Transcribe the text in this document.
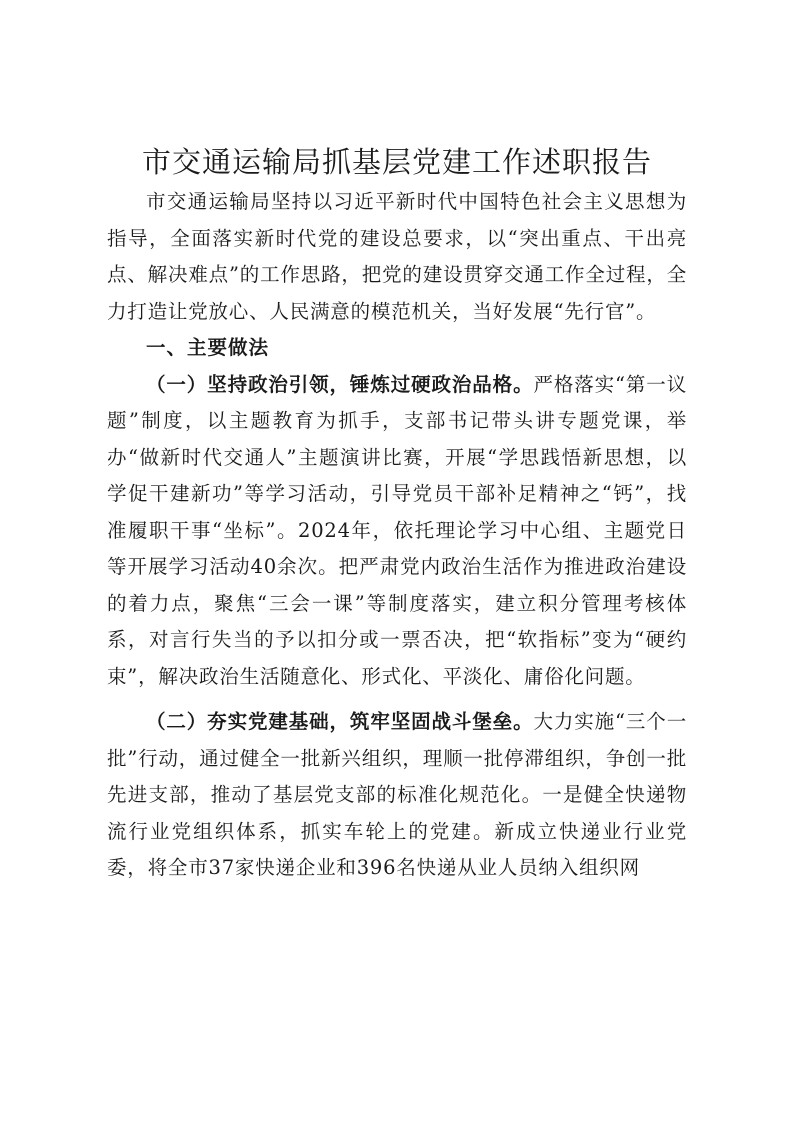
市交通运输局抓基层党建工作述职报告

市交通运输局坚持以习近平新时代中国特色社会主义思想为指导，全面落实新时代党的建设总要求，以“突出重点、干出亮点、解决难点”的工作思路，把党的建设贯穿交通工作全过程，全力打造让党放心、人民满意的模范机关，当好发展“先行官”。

一、主要做法

（一）坚持政治引领，锤炼过硬政治品格。严格落实“第一议题”制度，以主题教育为抓手，支部书记带头讲专题党课，举办“做新时代交通人”主题演讲比赛，开展“学思践悟新思想，以学促干建新功”等学习活动，引导党员干部补足精神之“钙”，找准履职干事“坐标”。2024年，依托理论学习中心组、主题党日等开展学习活动40余次。把严肃党内政治生活作为推进政治建设的着力点，聚焦“三会一课”等制度落实，建立积分管理考核体系，对言行失当的予以扣分或一票否决，把“软指标”变为“硬约束”，解决政治生活随意化、形式化、平淡化、庸俗化问题。

（二）夯实党建基础，筑牢坚固战斗堡垒。大力实施“三个一批”行动，通过健全一批新兴组织，理顺一批停滞组织，争创一批先进支部，推动了基层党支部的标准化规范化。一是健全快递物流行业党组织体系，抓实车轮上的党建。新成立快递业行业党委，将全市37家快递企业和396名快递从业人员纳入组织网
